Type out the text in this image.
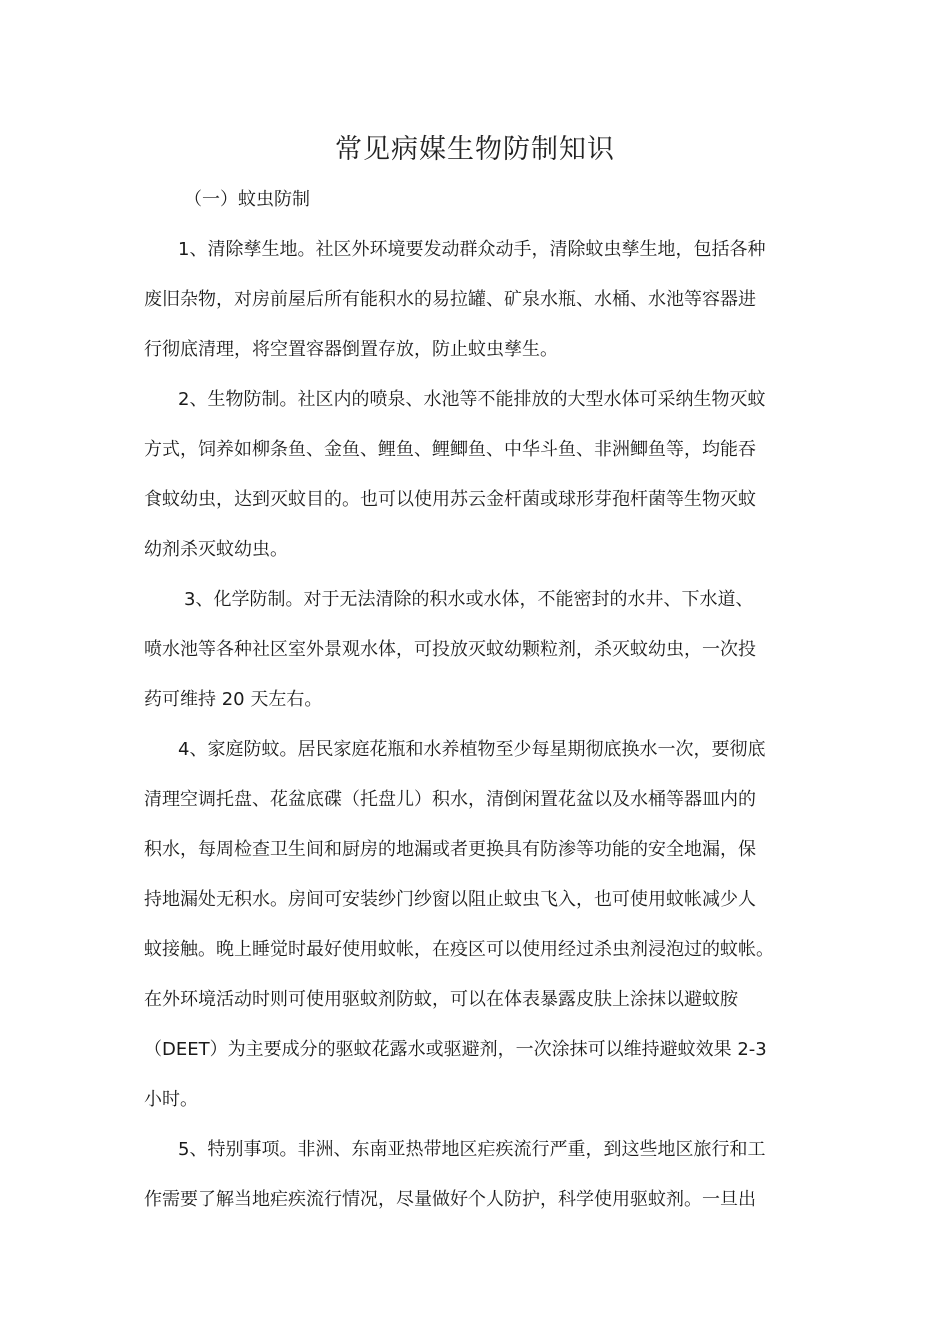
常见病媒生物防制知识
（一）蚊虫防制
1、清除孳生地。社区外环境要发动群众动手，清除蚊虫孳生地，包括各种
废旧杂物，对房前屋后所有能积水的易拉罐、矿泉水瓶、水桶、水池等容器进
行彻底清理，将空置容器倒置存放，防止蚊虫孳生。
2、生物防制。社区内的喷泉、水池等不能排放的大型水体可采纳生物灭蚊
方式，饲养如柳条鱼、金鱼、鲤鱼、鲤鲫鱼、中华斗鱼、非洲鲫鱼等，均能吞
食蚊幼虫，达到灭蚊目的。也可以使用苏云金杆菌或球形芽孢杆菌等生物灭蚊
幼剂杀灭蚊幼虫。
3、化学防制。对于无法清除的积水或水体，不能密封的水井、下水道、
喷水池等各种社区室外景观水体，可投放灭蚊幼颗粒剂，杀灭蚊幼虫，一次投
药可维持 20 天左右。
4、家庭防蚊。居民家庭花瓶和水养植物至少每星期彻底换水一次，要彻底
清理空调托盘、花盆底碟（托盘儿）积水，清倒闲置花盆以及水桶等器皿内的
积水，每周检查卫生间和厨房的地漏或者更换具有防渗等功能的安全地漏，保
持地漏处无积水。房间可安装纱门纱窗以阻止蚊虫飞入，也可使用蚊帐减少人
蚊接触。晚上睡觉时最好使用蚊帐，在疫区可以使用经过杀虫剂浸泡过的蚊帐。
在外环境活动时则可使用驱蚊剂防蚊，可以在体表暴露皮肤上涂抹以避蚊胺
（DEET）为主要成分的驱蚊花露水或驱避剂，一次涂抹可以维持避蚊效果 2-3
小时。
5、特别事项。非洲、东南亚热带地区疟疾流行严重，到这些地区旅行和工
作需要了解当地疟疾流行情况，尽量做好个人防护，科学使用驱蚊剂。一旦出
